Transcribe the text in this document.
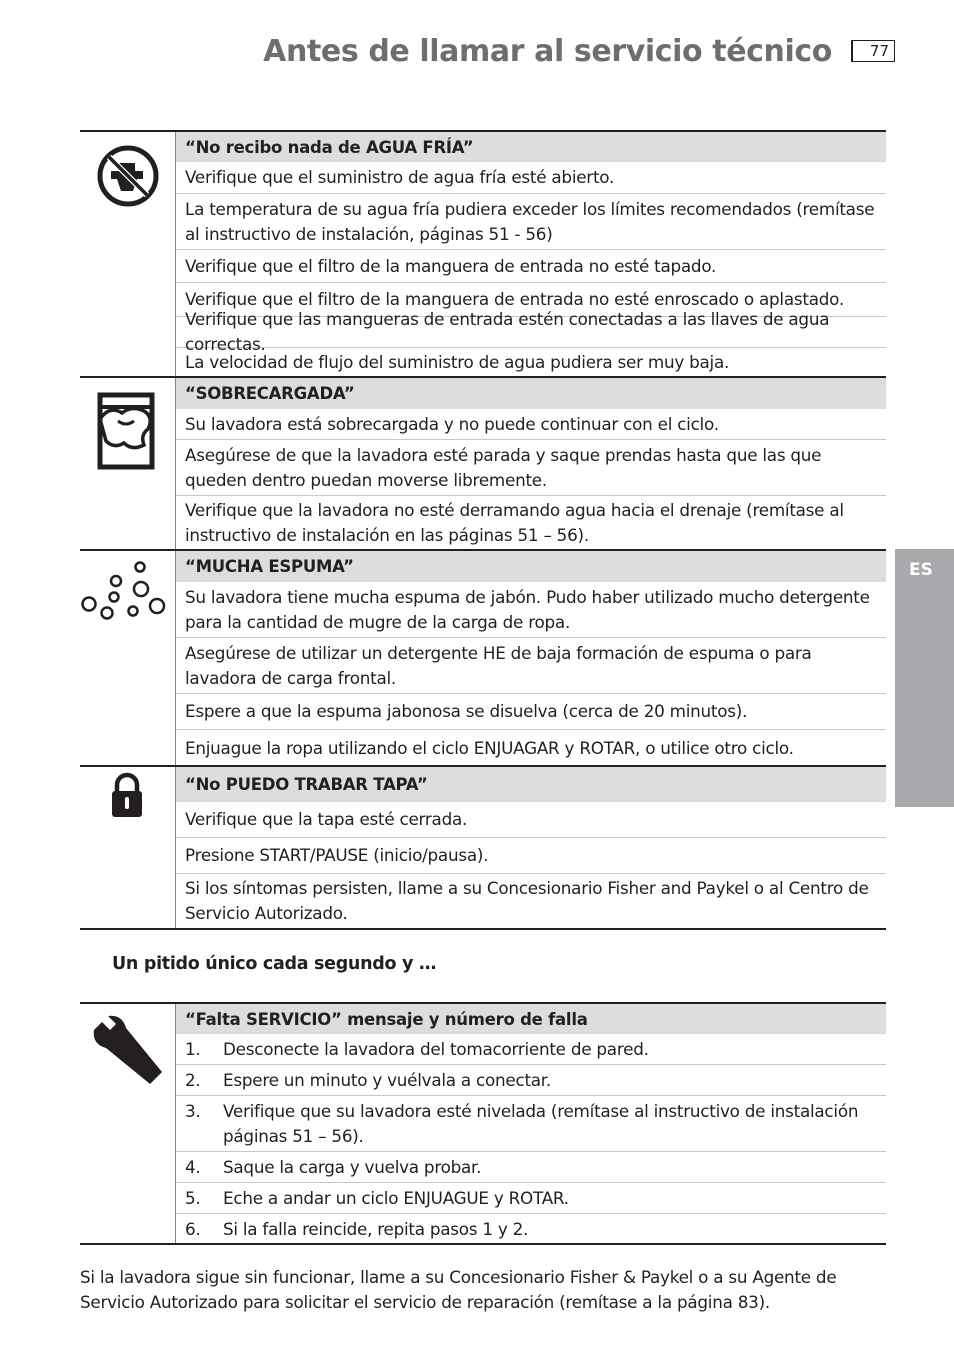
Antes de llamar al servicio técnico	77
ES
“No recibo nada de AGUA FRÍA”
Verifique que el suministro de agua fría esté abierto.
La temperatura de su agua fría pudiera exceder los límites recomendados (remítase al instructivo de instalación, páginas 51 - 56)
Verifique que el filtro de la manguera de entrada no esté tapado.
Verifique que el filtro de la manguera de entrada no esté enroscado o aplastado.
Verifique que las mangueras de entrada estén conectadas a las llaves de agua correctas.
La velocidad de flujo del suministro de agua pudiera ser muy baja.
“SOBRECARGADA”
Su lavadora está sobrecargada y no puede continuar con el ciclo.
Asegúrese de que la lavadora esté parada y saque prendas hasta que las que queden dentro puedan moverse libremente.
Verifique que la lavadora no esté derramando agua hacia el drenaje (remítase al instructivo de instalación en las páginas 51 – 56).
“MUCHA ESPUMA”
Su lavadora tiene mucha espuma de jabón. Pudo haber utilizado mucho detergente para la cantidad de mugre de la carga de ropa.
Asegúrese de utilizar un detergente HE de baja formación de espuma o para lavadora de carga frontal.
Espere a que la espuma jabonosa se disuelva (cerca de 20 minutos).
Enjuague la ropa utilizando el ciclo ENJUAGAR y ROTAR, o utilice otro ciclo.
“No PUEDO TRABAR TAPA”
Verifique que la tapa esté cerrada.
Presione START/PAUSE (inicio/pausa).
Si los síntomas persisten, llame a su Concesionario Fisher and Paykel o al Centro de Servicio Autorizado.
Un pitido único cada segundo y …
“Falta SERVICIO” mensaje y número de falla
1.	Desconecte la lavadora del tomacorriente de pared.
2.	Espere un minuto y vuélvala a conectar.
3.	Verifique que su lavadora esté nivelada (remítase al instructivo de instalación páginas 51 – 56).
4.	Saque la carga y vuelva probar.
5.	Eche a andar un ciclo ENJUAGUE y ROTAR.
6.	Si la falla reincide, repita pasos 1 y 2.
Si la lavadora sigue sin funcionar, llame a su Concesionario Fisher & Paykel o a su Agente de Servicio Autorizado para solicitar el servicio de reparación (remítase a la página 83).
